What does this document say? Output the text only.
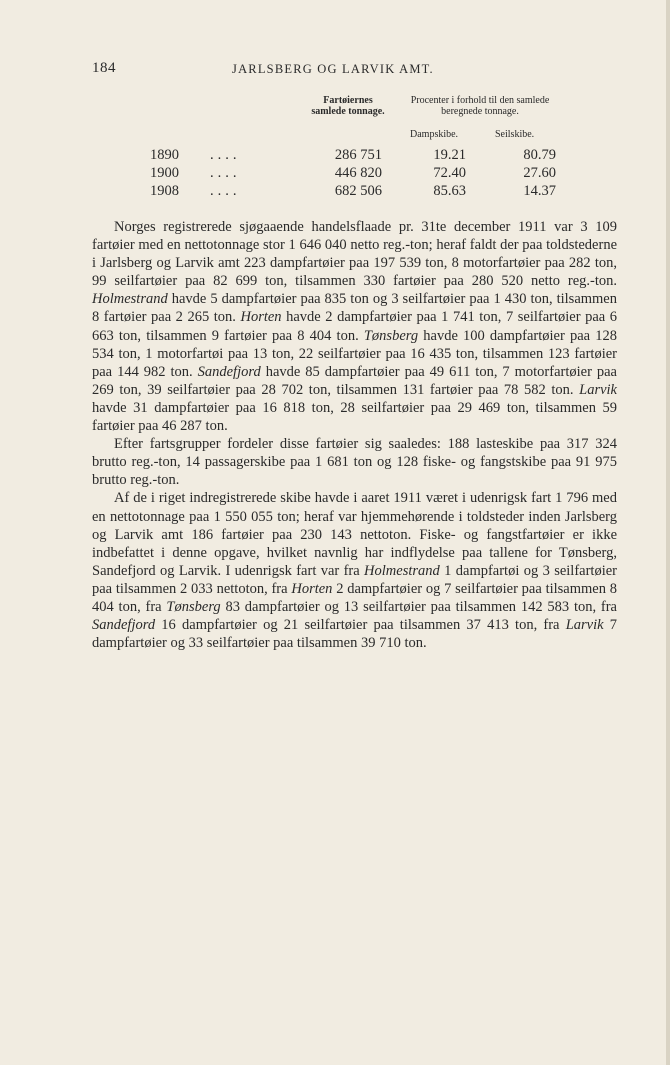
184	JARLSBERG OG LARVIK AMT.
Fartøiernes samlede tonnage.
Procenter i forhold til den samlede beregnede tonnage.
Dampskibe.	Seilskibe.
1890 ....	286 751	19.21	80.79
1900 ....	446 820	72.40	27.60
1908 ....	682 506	85.63	14.37

Norges registrerede sjøgaaende handelsflaade pr. 31te december 1911 var 3 109 fartøier med en nettotonnage stor 1 646 040 netto reg.-ton; heraf faldt der paa toldstederne i Jarlsberg og Larvik amt 223 dampfartøier paa 197 539 ton, 8 motorfartøier paa 282 ton, 99 seilfartøier paa 82 699 ton, tilsammen 330 fartøier paa 280 520 netto reg.-ton. Holmestrand havde 5 dampfartøier paa 835 ton og 3 seilfartøier paa 1 430 ton, tilsammen 8 fartøier paa 2 265 ton. Horten havde 2 dampfartøier paa 1 741 ton, 7 seilfartøier paa 6 663 ton, tilsammen 9 fartøier paa 8 404 ton. Tønsberg havde 100 dampfartøier paa 128 534 ton, 1 motorfartøi paa 13 ton, 22 seilfartøier paa 16 435 ton, tilsammen 123 fartøier paa 144 982 ton. Sandefjord havde 85 dampfartøier paa 49 611 ton, 7 motorfartøier paa 269 ton, 39 seilfartøier paa 28 702 ton, tilsammen 131 fartøier paa 78 582 ton. Larvik havde 31 dampfartøier paa 16 818 ton, 28 seilfartøier paa 29 469 ton, tilsammen 59 fartøier paa 46 287 ton.

Efter fartsgrupper fordeler disse fartøier sig saaledes: 188 lasteskibe paa 317 324 brutto reg.-ton, 14 passagerskibe paa 1 681 ton og 128 fiske- og fangstskibe paa 91 975 brutto reg.-ton.

Af de i riget indregistrerede skibe havde i aaret 1911 været i udenrigsk fart 1 796 med en nettotonnage paa 1 550 055 ton; heraf var hjemmehørende i toldsteder inden Jarlsberg og Larvik amt 186 fartøier paa 230 143 nettoton. Fiske- og fangstfartøier er ikke indbefattet i denne opgave, hvilket navnlig har indflydelse paa tallene for Tønsberg, Sandefjord og Larvik. I udenrigsk fart var fra Holmestrand 1 dampfartøi og 3 seilfartøier paa tilsammen 2 033 nettoton, fra Horten 2 dampfartøier og 7 seilfartøier paa tilsammen 8 404 ton, fra Tønsberg 83 dampfartøier og 13 seilfartøier paa tilsammen 142 583 ton, fra Sandefjord 16 dampfartøier og 21 seilfartøier paa tilsammen 37 413 ton, fra Larvik 7 dampfartøier og 33 seilfartøier paa tilsammen 39 710 ton.
